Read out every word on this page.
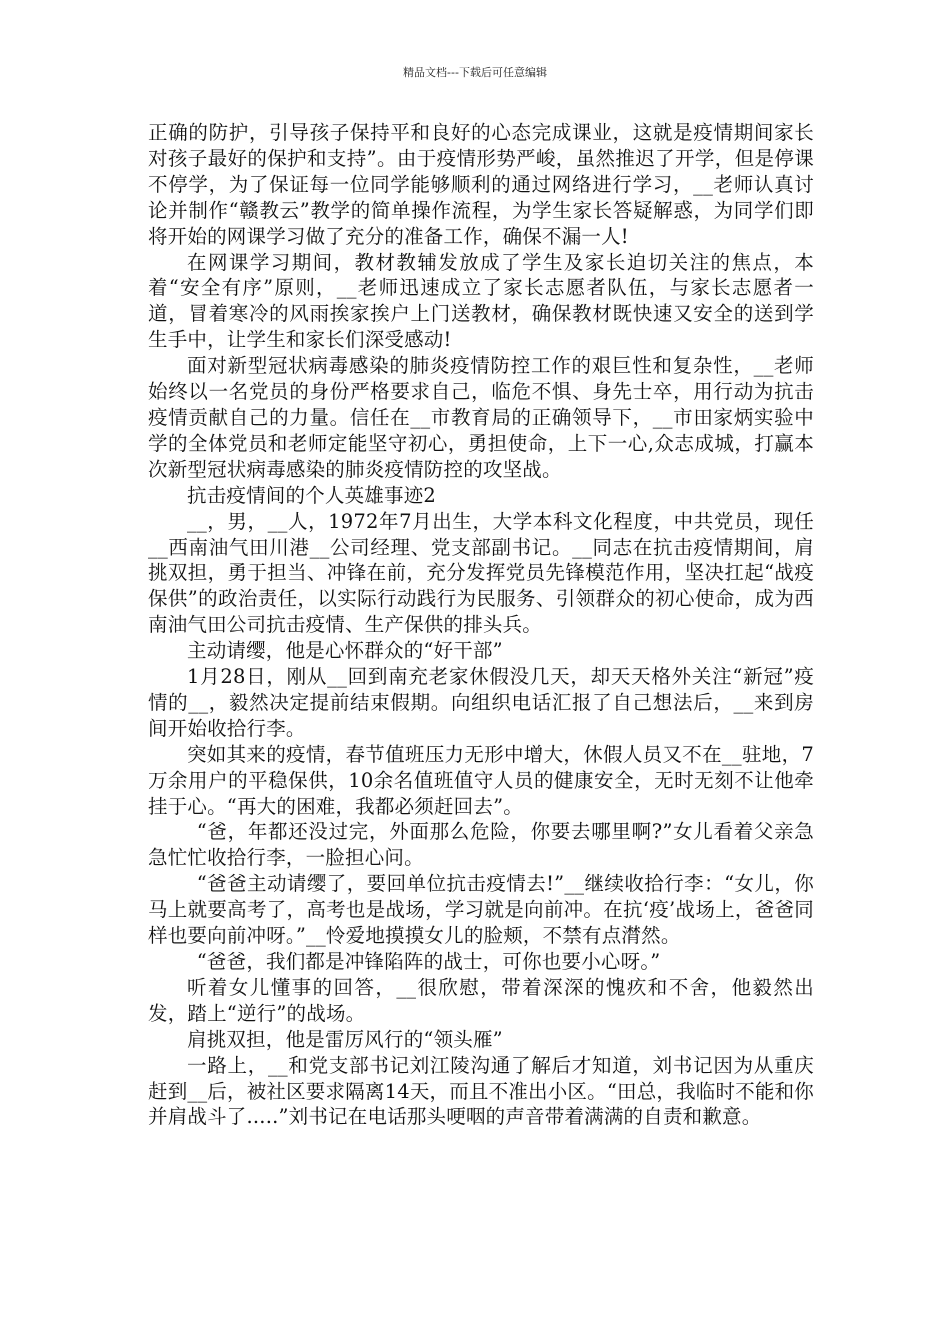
精品文档---下载后可任意编辑

正确的防护，引导孩子保持平和良好的心态完成课业，这就是疫情期间家长对孩子最好的保护和支持”。由于疫情形势严峻，虽然推迟了开学，但是停课不停学，为了保证每一位同学能够顺利的通过网络进行学习，__老师认真讨论并制作“赣教云”教学的简单操作流程，为学生家长答疑解惑，为同学们即将开始的网课学习做了充分的准备工作，确保不漏一人!

在网课学习期间，教材教辅发放成了学生及家长迫切关注的焦点，本着“安全有序”原则，__老师迅速成立了家长志愿者队伍，与家长志愿者一道，冒着寒冷的风雨挨家挨户上门送教材，确保教材既快速又安全的送到学生手中，让学生和家长们深受感动!

面对新型冠状病毒感染的肺炎疫情防控工作的艰巨性和复杂性，__老师始终以一名党员的身份严格要求自己，临危不惧、身先士卒，用行动为抗击疫情贡献自己的力量。信任在__市教育局的正确领导下，__市田家炳实验中学的全体党员和老师定能坚守初心，勇担使命，上下一心,众志成城，打赢本次新型冠状病毒感染的肺炎疫情防控的攻坚战。

抗击疫情间的个人英雄事迹2

__，男，__人，1972年7月出生，大学本科文化程度，中共党员，现任__西南油气田川港__公司经理、党支部副书记。__同志在抗击疫情期间，肩挑双担，勇于担当、冲锋在前，充分发挥党员先锋模范作用，坚决扛起“战疫保供”的政治责任，以实际行动践行为民服务、引领群众的初心使命，成为西南油气田公司抗击疫情、生产保供的排头兵。

主动请缨，他是心怀群众的“好干部”

1月28日，刚从__回到南充老家休假没几天，却天天格外关注“新冠”疫情的__，毅然决定提前结束假期。向组织电话汇报了自己想法后，__来到房间开始收拾行李。

突如其来的疫情，春节值班压力无形中增大，休假人员又不在__驻地，7万余用户的平稳保供，10余名值班值守人员的健康安全，无时无刻不让他牵挂于心。“再大的困难，我都必须赶回去”。

“爸，年都还没过完，外面那么危险，你要去哪里啊?”女儿看着父亲急急忙忙收拾行李，一脸担心问。

“爸爸主动请缨了，要回单位抗击疫情去!”__继续收拾行李：“女儿，你马上就要高考了，高考也是战场，学习就是向前冲。在抗‘疫’战场上，爸爸同样也要向前冲呀。”__怜爱地摸摸女儿的脸颊，不禁有点潸然。

“爸爸，我们都是冲锋陷阵的战士，可你也要小心呀。”

听着女儿懂事的回答，__很欣慰，带着深深的愧疚和不舍，他毅然出发，踏上“逆行”的战场。

肩挑双担，他是雷厉风行的“领头雁”

一路上，__和党支部书记刘江陵沟通了解后才知道，刘书记因为从重庆赶到__后，被社区要求隔离14天，而且不准出小区。“田总，我临时不能和你并肩战斗了.....”刘书记在电话那头哽咽的声音带着满满的自责和歉意。
